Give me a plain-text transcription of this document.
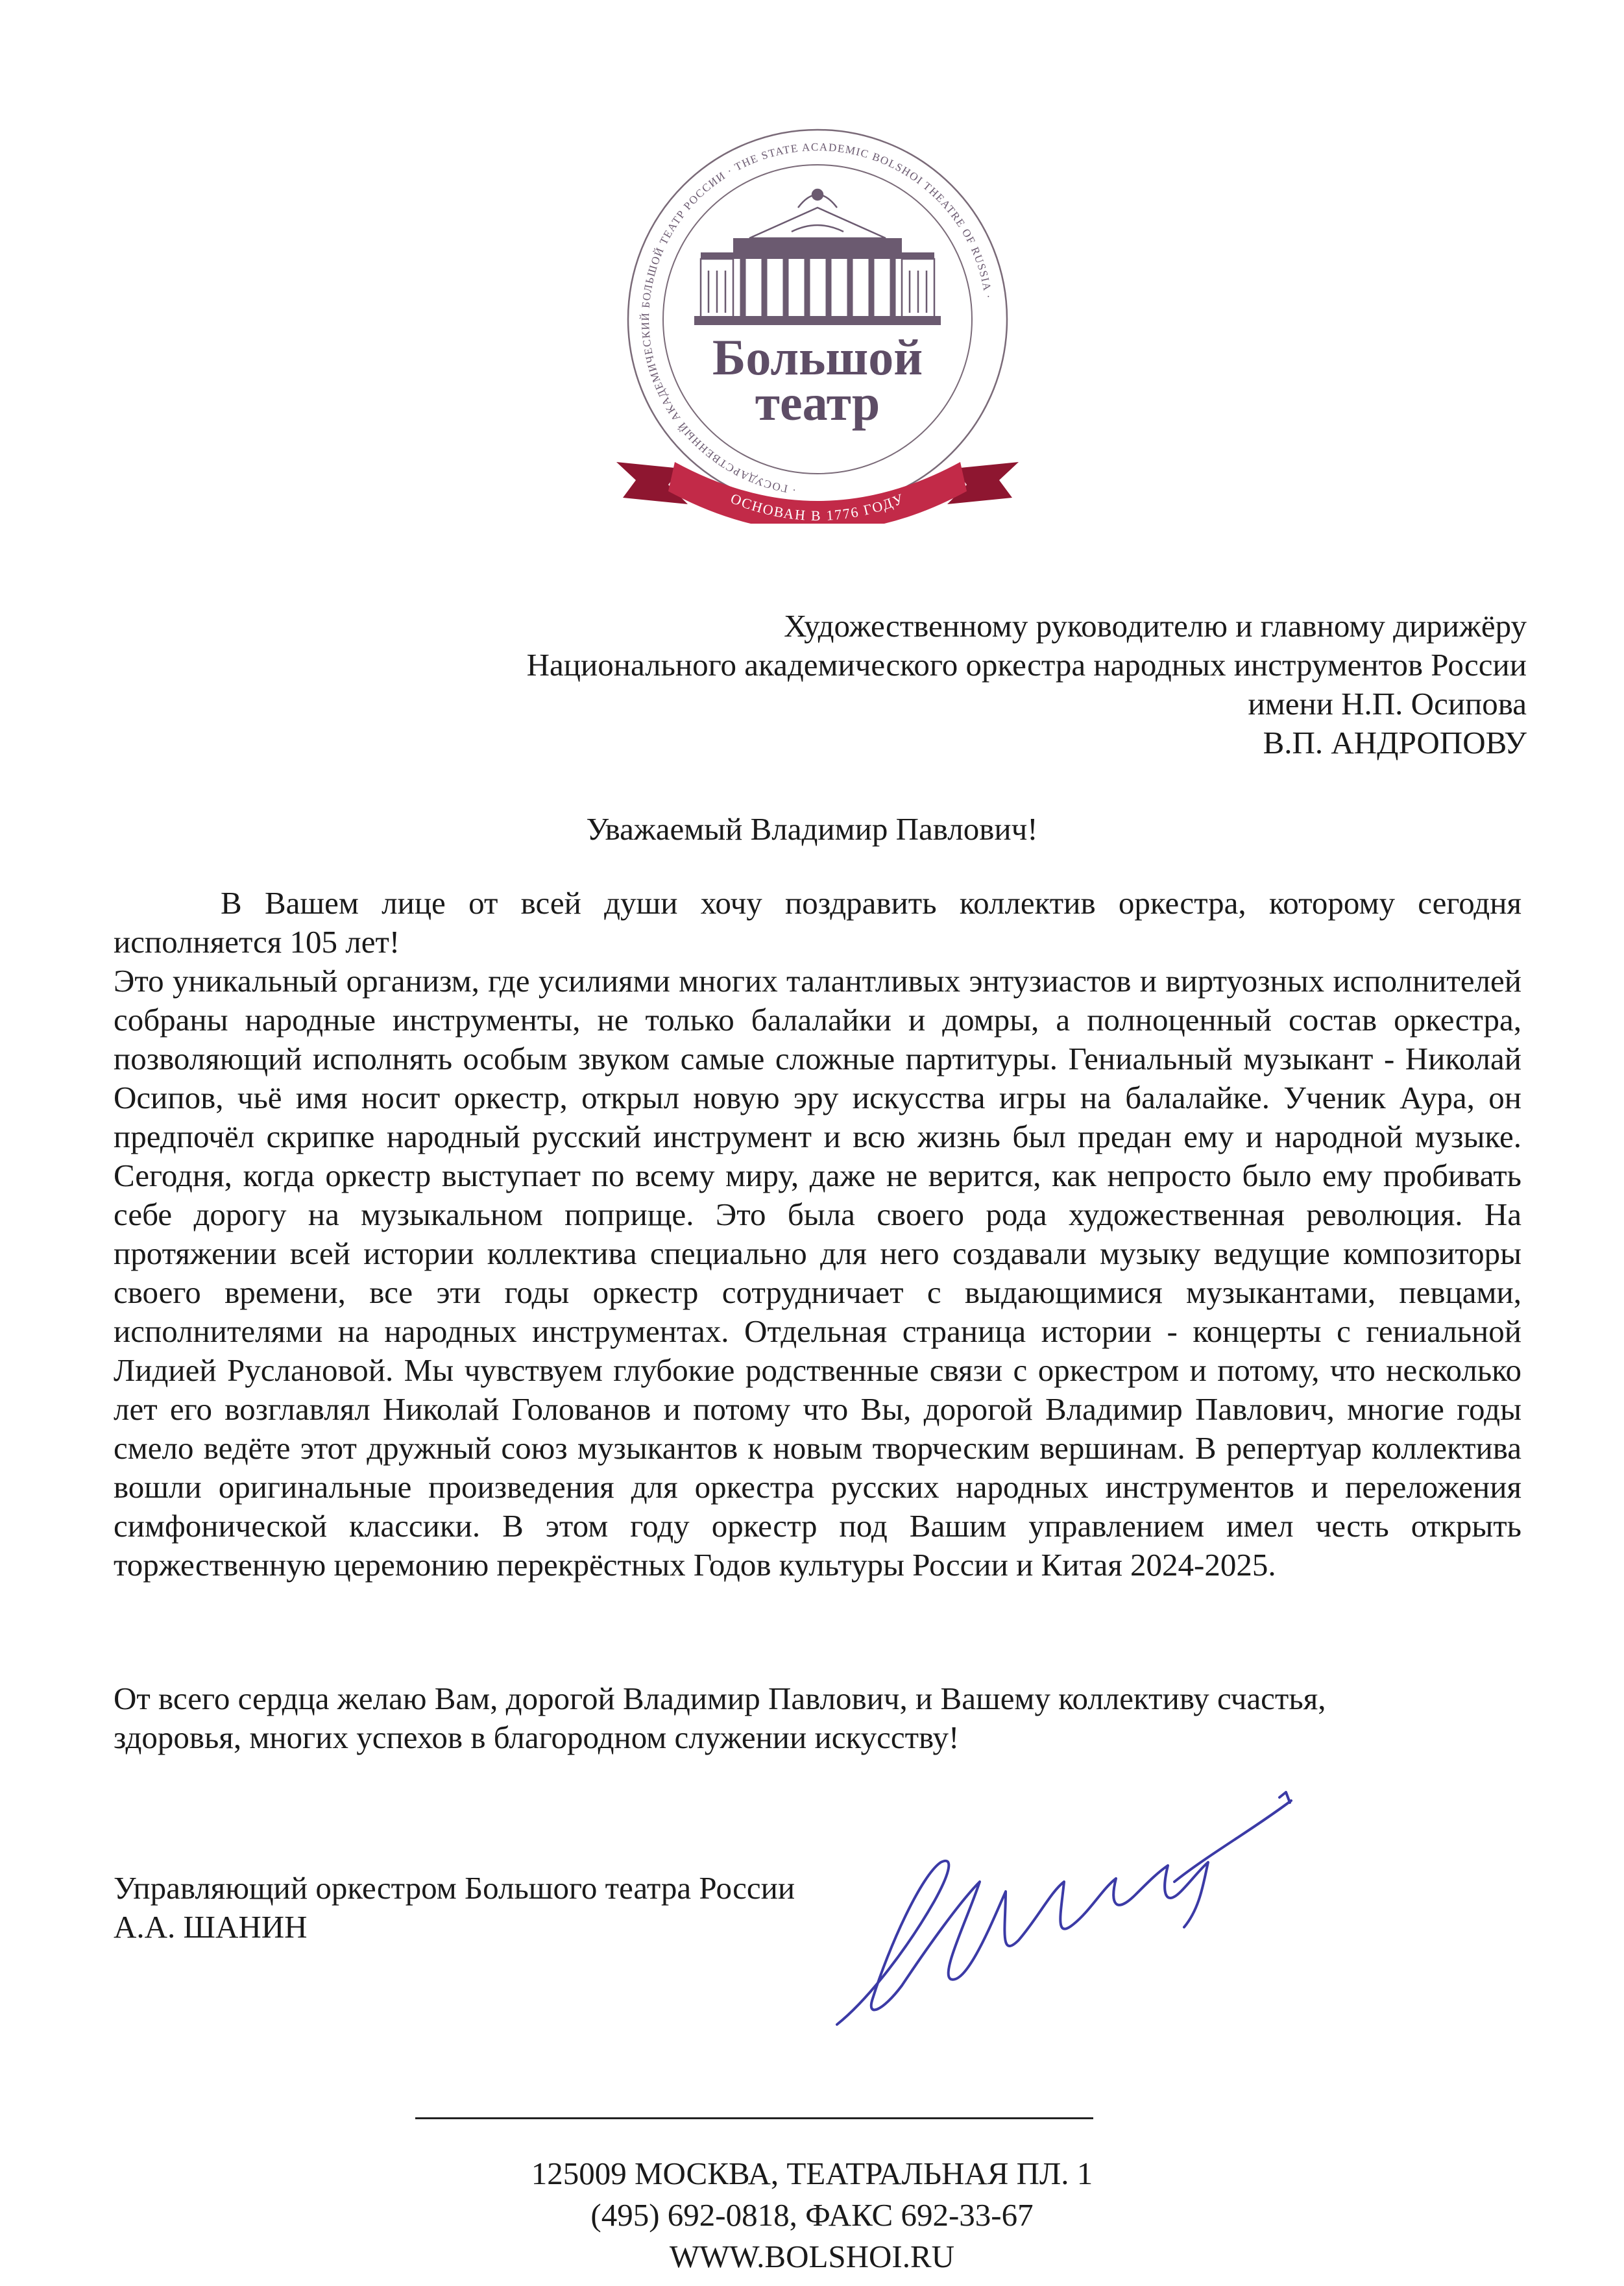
· ГОСУДАРСТВЕННЫЙ АКАДЕМИЧЕСКИЙ БОЛЬШОЙ ТЕАТР РОССИИ · THE STATE ACADEMIC BOLSHOI THEATRE OF RUSSIA ·
Большой
театр
ОСНОВАН В 1776 ГОДУ
Художественному руководителю и главному дирижёру
Национального академического оркестра народных инструментов России
имени Н.П. Осипова
В.П. АНДРОПОВУ
Уважаемый Владимир Павлович!

В Вашем лице от всей души хочу поздравить коллектив оркестра, которому сегодня исполняется 105 лет!

Это уникальный организм, где усилиями многих талантливых энтузиастов и виртуозных исполнителей собраны народные инструменты, не только балалайки и домры, а полноценный состав оркестра, позволяющий исполнять особым звуком самые сложные партитуры. Гениальный музыкант - Николай Осипов, чьё имя носит оркестр, открыл новую эру искусства игры на балалайке. Ученик Аура, он предпочёл скрипке народный русский инструмент и всю жизнь был предан ему и народной музыке. Сегодня, когда оркестр выступает по всему миру, даже не верится, как непросто было ему пробивать себе дорогу на музыкальном поприще. Это была своего рода художественная революция. На протяжении всей истории коллектива специально для него создавали музыку ведущие композиторы своего времени, все эти годы оркестр сотрудничает с выдающимися музыкантами, певцами, исполнителями на народных инструментах. Отдельная страница истории - концерты с гениальной Лидией Руслановой. Мы чувствуем глубокие родственные связи с оркестром и потому, что несколько лет его возглавлял Николай Голованов и потому что Вы, дорогой Владимир Павлович, многие годы смело ведёте этот дружный союз музыкантов к новым творческим вершинам. В репертуар коллектива вошли оригинальные произведения для оркестра русских народных инструментов и переложения симфонической классики. В этом году оркестр под Вашим управлением имел честь открыть торжественную церемонию перекрёстных Годов культуры России и Китая 2024-2025.

От всего сердца желаю Вам, дорогой Владимир Павлович, и Вашему коллективу счастья,
здоровья, многих успехов в благородном служении искусству!
Управляющий оркестром Большого театра России
А.А. ШАНИН
125009 МОСКВА, ТЕАТРАЛЬНАЯ ПЛ. 1
(495) 692-0818, ФАКС 692-33-67
WWW.BOLSHOI.RU
